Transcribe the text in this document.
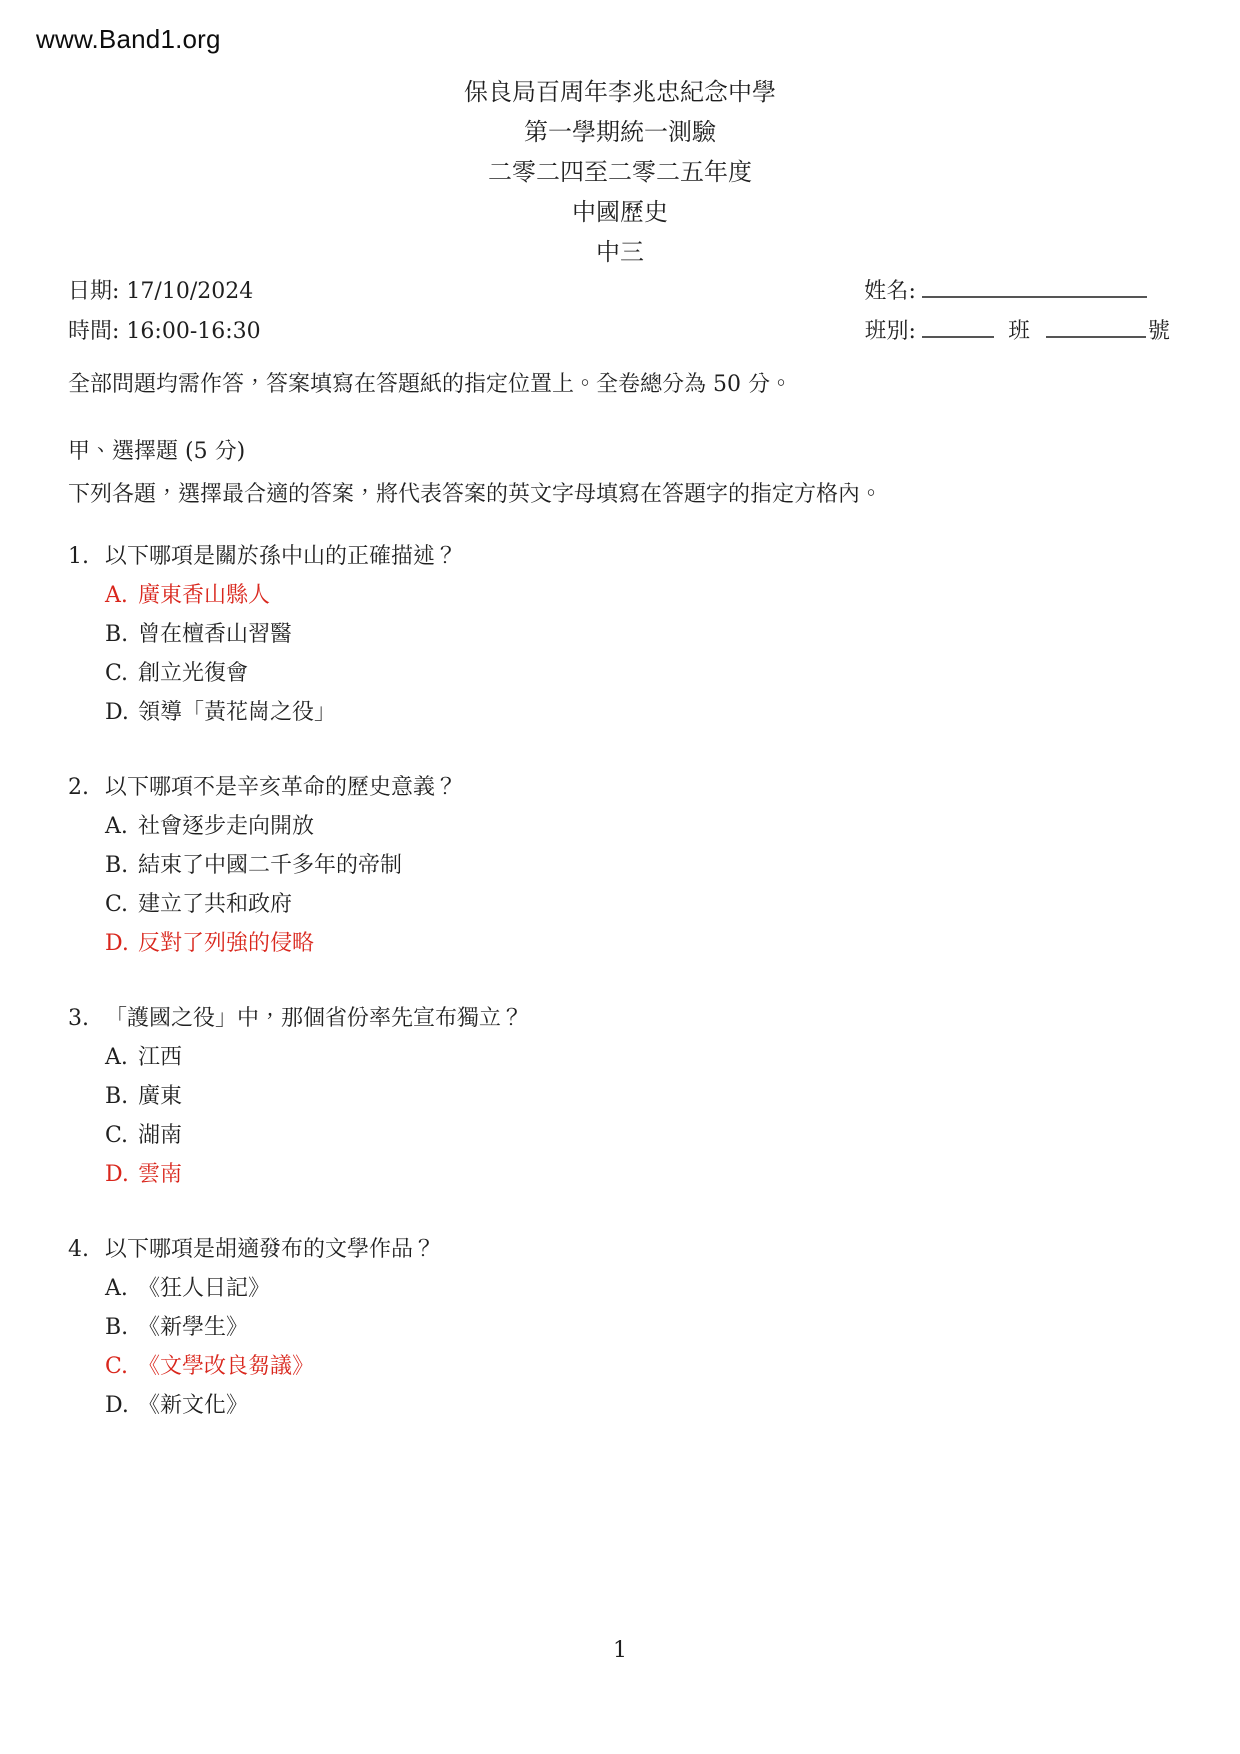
www.Band1.org
保良局百周年李兆忠紀念中學
第一學期統一測驗
二零二四至二零二五年度
中國歷史
中三
日期: 17/10/2024
時間: 16:00-16:30
姓名:
班別:	班	號

全部問題均需作答，答案填寫在答題紙的指定位置上。全卷總分為 50 分。

甲、選擇題 (5 分)

下列各題，選擇最合適的答案，將代表答案的英文字母填寫在答題字的指定方格內。

1. 以下哪項是關於孫中山的正確描述？
A. 廣東香山縣人
B. 曾在檀香山習醫
C. 創立光復會
D. 領導「黃花崗之役」
2. 以下哪項不是辛亥革命的歷史意義？
A. 社會逐步走向開放
B. 結束了中國二千多年的帝制
C. 建立了共和政府
D. 反對了列強的侵略
3. 「護國之役」中，那個省份率先宣布獨立？
A. 江西
B. 廣東
C. 湖南
D. 雲南
4. 以下哪項是胡適發布的文學作品？
A. 《狂人日記》
B. 《新學生》
C. 《文學改良芻議》
D. 《新文化》
1
